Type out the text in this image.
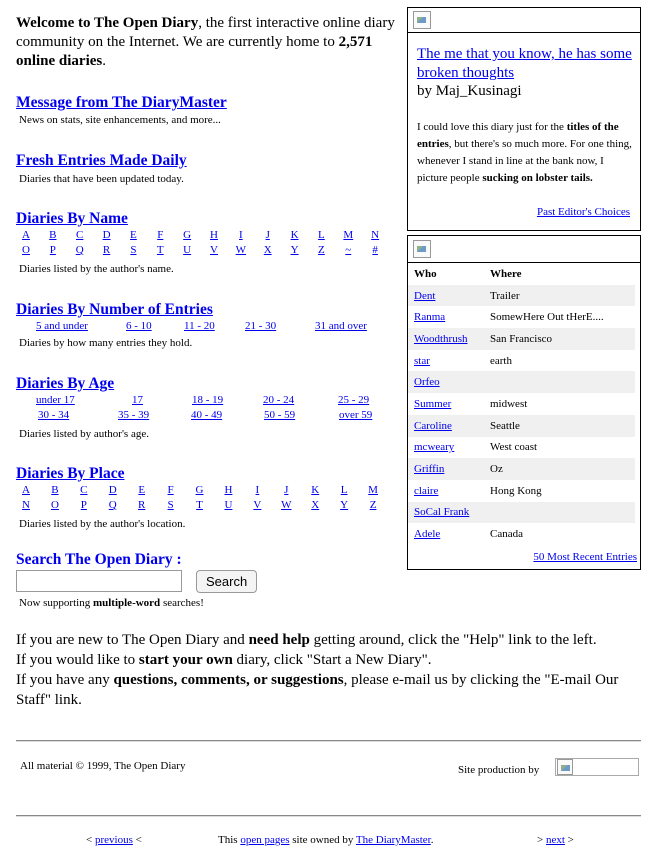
Welcome to The Open Diary, the first interactive online diary community on the Internet. We are currently home to 2,571 online diaries.
Message from The DiaryMaster
News on stats, site enhancements, and more...
Fresh Entries Made Daily
Diaries that have been updated today.
Diaries By Name
A B C D E F G H	I	J	K L M N
O P Q R S T U V W X Y Z ~ #
Diaries listed by the author's name.
Diaries By Number of Entries
5 and under	6 - 10	11 - 20	21 - 30	31 and over
Diaries by how many entries they hold.
Diaries By Age
under 17	17	18 - 19	20 - 24	25 - 29
30 - 34	35 - 39	40 - 49	50 - 59	over 59
Diaries listed by author's age.
Diaries By Place
A B C D E F G H	I	J	K L M
N O P Q R S T U V W X Y Z
Diaries listed by the author's location.
Search The Open Diary :
Search
Now supporting multiple-word searches!
If you are new to The Open Diary and need help getting around, click the "Help" link to the left.
If you would like to start your own diary, click "Start a New Diary".
If you have any questions, comments, or suggestions, please e-mail us by clicking the "E-mail Our Staff" link.
All material © 1999, The Open Diary	Site production by
< previous <	This open pages site owned by The DiaryMaster.	> next >
The me that you know, he has some broken thoughts
by Maj_Kusinagi
I could love this diary just for the titles of the entries, but there's so much more. For one thing, whenever I stand in line at the bank now, I picture people sucking on lobster tails.
Past Editor's Choices
Who	Where
Dent	Trailer
Ranma	SomewHere Out tHerE....
Woodthrush	San Francisco
star	earth
Orfeo	
Summer	midwest
Caroline	Seattle
mcweary	West coast
Griffin	Oz
claire	Hong Kong
SoCal Frank	
Adele	Canada
50 Most Recent Entries
